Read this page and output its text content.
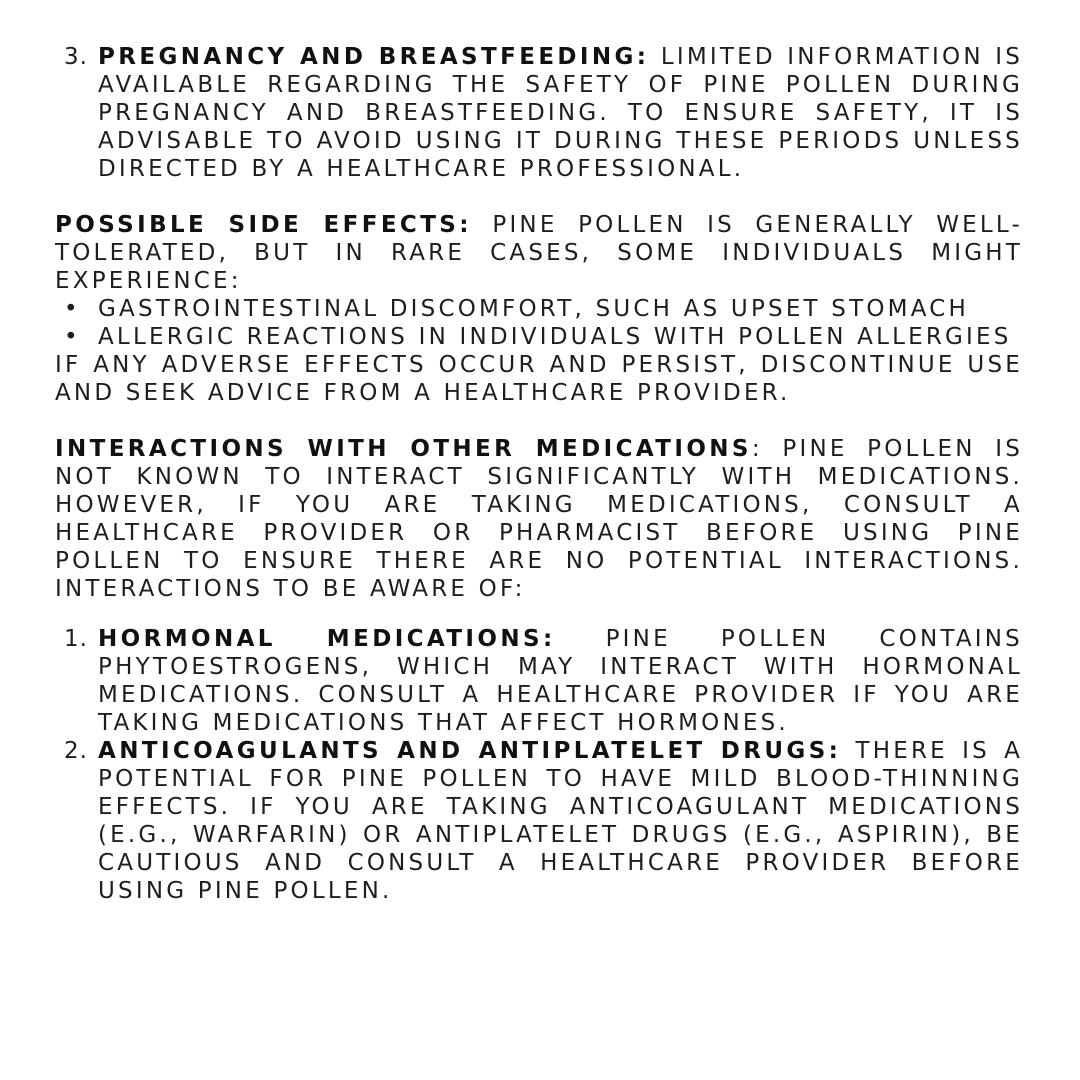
3. PREGNANCY AND BREASTFEEDING: LIMITED INFORMATION IS AVAILABLE REGARDING THE SAFETY OF PINE POLLEN DURING PREGNANCY AND BREASTFEEDING. TO ENSURE SAFETY, IT IS ADVISABLE TO AVOID USING IT DURING THESE PERIODS UNLESS DIRECTED BY A HEALTHCARE PROFESSIONAL.

POSSIBLE SIDE EFFECTS: PINE POLLEN IS GENERALLY WELL-TOLERATED, BUT IN RARE CASES, SOME INDIVIDUALS MIGHT EXPERIENCE:

• GASTROINTESTINAL DISCOMFORT, SUCH AS UPSET STOMACH

• ALLERGIC REACTIONS IN INDIVIDUALS WITH POLLEN ALLERGIES

IF ANY ADVERSE EFFECTS OCCUR AND PERSIST, DISCONTINUE USE AND SEEK ADVICE FROM A HEALTHCARE PROVIDER.

INTERACTIONS WITH OTHER MEDICATIONS: PINE POLLEN IS NOT KNOWN TO INTERACT SIGNIFICANTLY WITH MEDICATIONS. HOWEVER, IF YOU ARE TAKING MEDICATIONS, CONSULT A HEALTHCARE PROVIDER OR PHARMACIST BEFORE USING PINE POLLEN TO ENSURE THERE ARE NO POTENTIAL INTERACTIONS. INTERACTIONS TO BE AWARE OF:

1. HORMONAL MEDICATIONS: PINE POLLEN CONTAINS PHYTOESTROGENS, WHICH MAY INTERACT WITH HORMONAL MEDICATIONS. CONSULT A HEALTHCARE PROVIDER IF YOU ARE TAKING MEDICATIONS THAT AFFECT HORMONES.

2. ANTICOAGULANTS AND ANTIPLATELET DRUGS: THERE IS A POTENTIAL FOR PINE POLLEN TO HAVE MILD BLOOD-THINNING EFFECTS. IF YOU ARE TAKING ANTICOAGULANT MEDICATIONS (E.G., WARFARIN) OR ANTIPLATELET DRUGS (E.G., ASPIRIN), BE CAUTIOUS AND CONSULT A HEALTHCARE PROVIDER BEFORE USING PINE POLLEN.
